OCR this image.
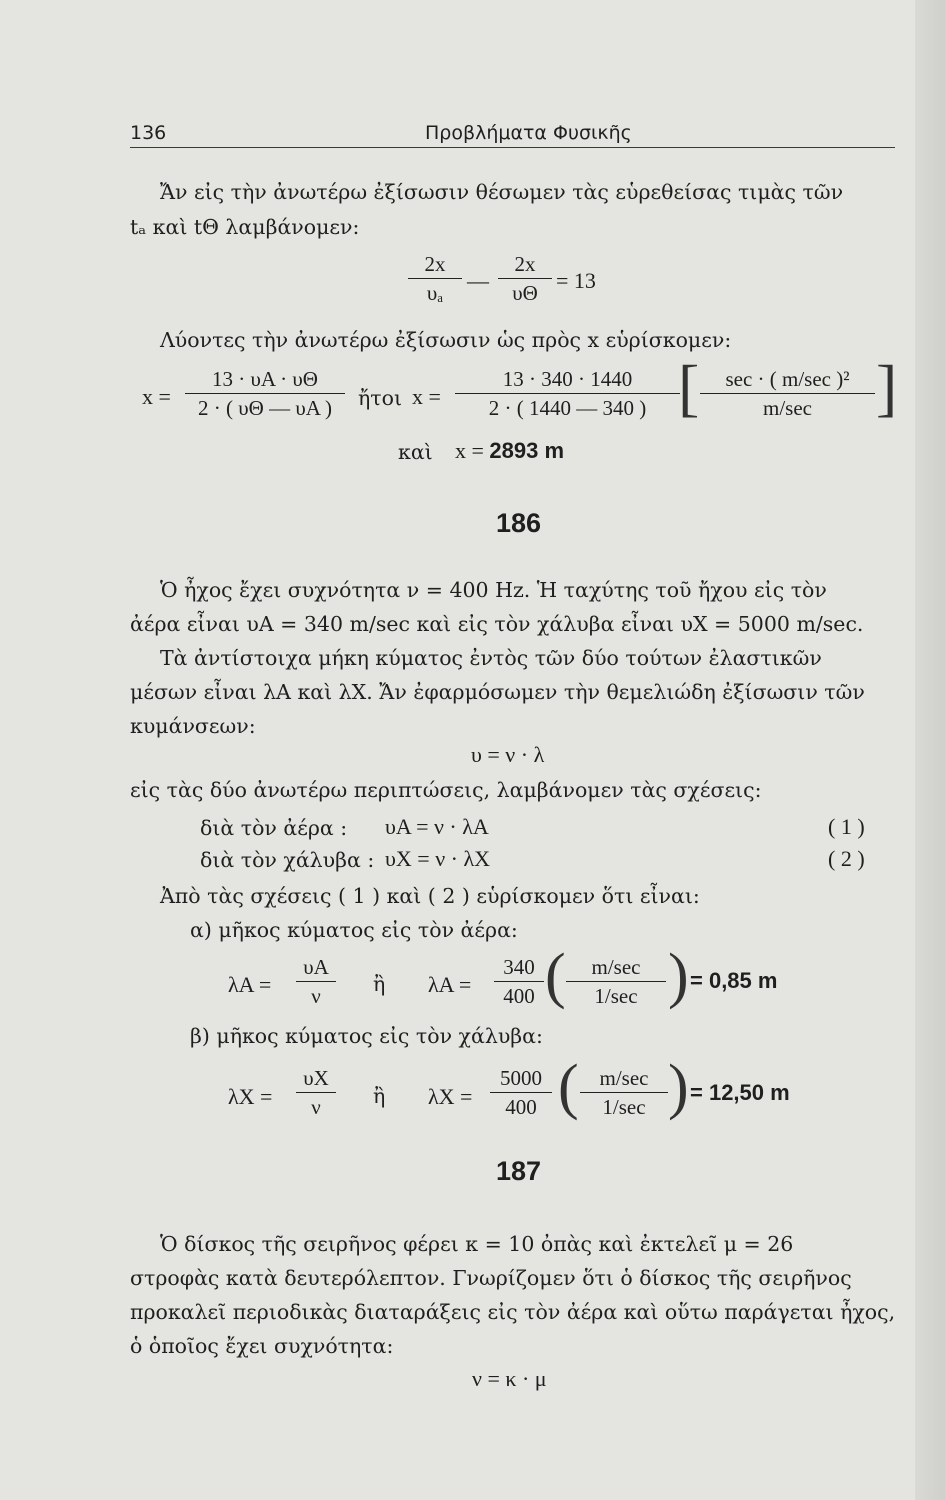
136	Προβλήματα Φυσικῆς
Ἄν εἰς τὴν ἀνωτέρω ἐξίσωσιν θέσωμεν τὰς εὑρεθείσας τιμὰς τῶν
tₐ καὶ tΘ λαμβάνομεν:
2x
υₐ	—
2x
υΘ = 13
Λύοντες τὴν ἀνωτέρω ἐξίσωσιν ὡς πρὸς x εὑρίσκομεν:
x =
13 · υA · υΘ
2 · ( υΘ — υA )	ἤτοι x =
13 · 340 · 1440
2 · ( 1440 — 340 ) [	sec · ( m/sec )²
m/sec	]
καὶ x = 2893 m
186
Ὁ ἦχος ἔχει συχνότητα ν = 400 Hz. Ἡ ταχύτης τοῦ ἤχου εἰς τὸν
ἀέρα εἶναι υA = 340 m/sec καὶ εἰς τὸν χάλυβα εἶναι υX = 5000 m/sec.
Τὰ ἀντίστοιχα μήκη κύματος ἐντὸς τῶν δύο τούτων ἐλαστικῶν
μέσων εἶναι λA καὶ λX. Ἄν ἐφαρμόσωμεν τὴν θεμελιώδη ἐξίσωσιν τῶν
κυμάνσεων:
υ = ν · λ
εἰς τὰς δύο ἀνωτέρω περιπτώσεις, λαμβάνομεν τὰς σχέσεις:
διὰ τὸν ἀέρα : υA = ν · λA	( 1 )
διὰ τὸν χάλυβα : υX = ν · λX	( 2 )
Ἀπὸ τὰς σχέσεις ( 1 ) καὶ ( 2 ) εὑρίσκομεν ὅτι εἶναι:
α) μῆκος κύματος εἰς τὸν ἀέρα:
λA =
υA
ν	ἢ λA =
340
400 (	m/sec
1/sec ) = 0,85 m
β) μῆκος κύματος εἰς τὸν χάλυβα:
λX =
υX
ν	ἢ λX =
5000
400 ( m/sec
1/sec ) = 12,50 m
187
Ὁ δίσκος τῆς σειρῆνος φέρει κ = 10 ὀπὰς καὶ ἐκτελεῖ μ = 26
στροφὰς κατὰ δευτερόλεπτον. Γνωρίζομεν ὅτι ὁ δίσκος τῆς σειρῆνος
προκαλεῖ περιοδικὰς διαταράξεις εἰς τὸν ἀέρα καὶ οὕτω παράγεται ἦχος,
ὁ ὁποῖος ἔχει συχνότητα:
ν = κ · μ
